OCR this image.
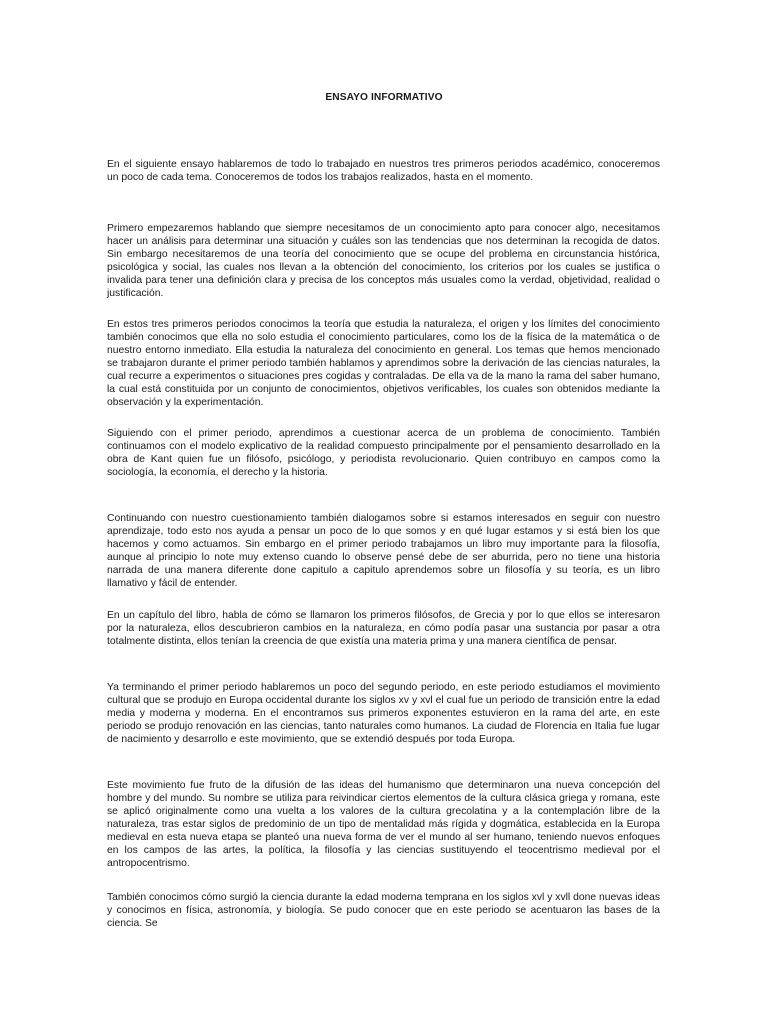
ENSAYO INFORMATIVO

En el siguiente ensayo hablaremos de todo lo trabajado en nuestros tres primeros periodos académico, conoceremos un poco de cada tema. Conoceremos de todos los trabajos realizados, hasta en el momento.

Primero empezaremos hablando que siempre necesitamos de un conocimiento apto para conocer algo, necesitamos hacer un análisis para determinar una situación y cuáles son las tendencias que nos determinan la recogida de datos. Sin embargo necesitaremos de una teoría del conocimiento que se ocupe del problema en circunstancia histórica, psicológica y social, las cuales nos llevan a la obtención del conocimiento, los criterios por los cuales se justifica o invalida para tener una definición clara y precisa de los conceptos más usuales como la verdad, objetividad, realidad o justificación.

En estos tres primeros periodos conocimos la teoría que estudia la naturaleza, el origen y los límites del conocimiento también conocimos que ella no solo estudia el conocimiento particulares, como los de la física de la matemática o de nuestro entorno inmediato. Ella estudia la naturaleza del conocimiento en general. Los temas que hemos mencionado se trabajaron durante el primer periodo también hablamos y aprendimos sobre la derivación de las ciencias naturales, la cual recurre a experimentos o situaciones pres cogidas y contraladas. De ella va de la mano la rama del saber humano, la cual está constituida por un conjunto de conocimientos, objetivos verificables, los cuales son obtenidos mediante la observación y la experimentación.

Siguiendo con el primer periodo, aprendimos a cuestionar acerca de un problema de conocimiento. También continuamos con el modelo explicativo de la realidad compuesto principalmente por el pensamiento desarrollado en la obra de Kant quien fue un filósofo, psicólogo, y periodista revolucionario. Quien contribuyo en campos como la sociología, la economía, el derecho y la historia.

Continuando con nuestro cuestionamiento también dialogamos sobre si estamos interesados en seguir con nuestro aprendizaje, todo esto nos ayuda a pensar un poco de lo que somos y en qué lugar estamos y si está bien los que hacemos y como actuamos. Sin embargo en el primer periodo trabajamos un libro muy importante para la filosofía, aunque al principio lo note muy extenso cuando lo observe pensé debe de ser aburrida, pero no tiene una historia narrada de una manera diferente done capitulo a capitulo aprendemos sobre un filosofía y su teoría, es un libro llamativo y fácil de entender.

En un capítulo del libro, habla de cómo se llamaron los primeros filósofos, de Grecia y por lo que ellos se interesaron por la naturaleza, ellos descubrieron cambios en la naturaleza, en cómo podía pasar una sustancia por pasar a otra totalmente distinta, ellos tenían la creencia de que existía una materia prima y una manera científica de pensar.

Ya terminando el primer periodo hablaremos un poco del segundo periodo, en este periodo estudiamos el movimiento cultural que se produjo en Europa occidental durante los siglos xv y xvl el cual fue un periodo de transición entre la edad media y moderna y moderna. En el encontramos sus primeros exponentes estuvieron en la rama del arte, en este periodo se produjo renovación en las ciencias, tanto naturales como humanos. La ciudad de Florencia en Italia fue lugar de nacimiento y desarrollo e este movimiento, que se extendió después por toda Europa.

Este movimiento fue fruto de la difusión de las ideas del humanismo que determinaron una nueva concepción del hombre y del mundo. Su nombre se utiliza para reivindicar ciertos elementos de la cultura clásica griega y romana, este se aplicó originalmente como una vuelta a los valores de la cultura grecolatina y a la contemplación libre de la naturaleza, tras estar siglos de predominio de un tipo de mentalidad más rígida y dogmática, establecida en la Europa medieval en esta nueva etapa se planteó una nueva forma de ver el mundo al ser humano, teniendo nuevos enfoques en los campos de las artes, la política, la filosofía y las ciencias sustituyendo el teocentrismo medieval por el antropocentrismo.

También conocimos cómo surgió la ciencia durante la edad moderna temprana en los siglos xvl y xvll done nuevas ideas y conocimos en física, astronomía, y biología. Se pudo conocer que en este periodo se acentuaron las bases de la ciencia. Se
